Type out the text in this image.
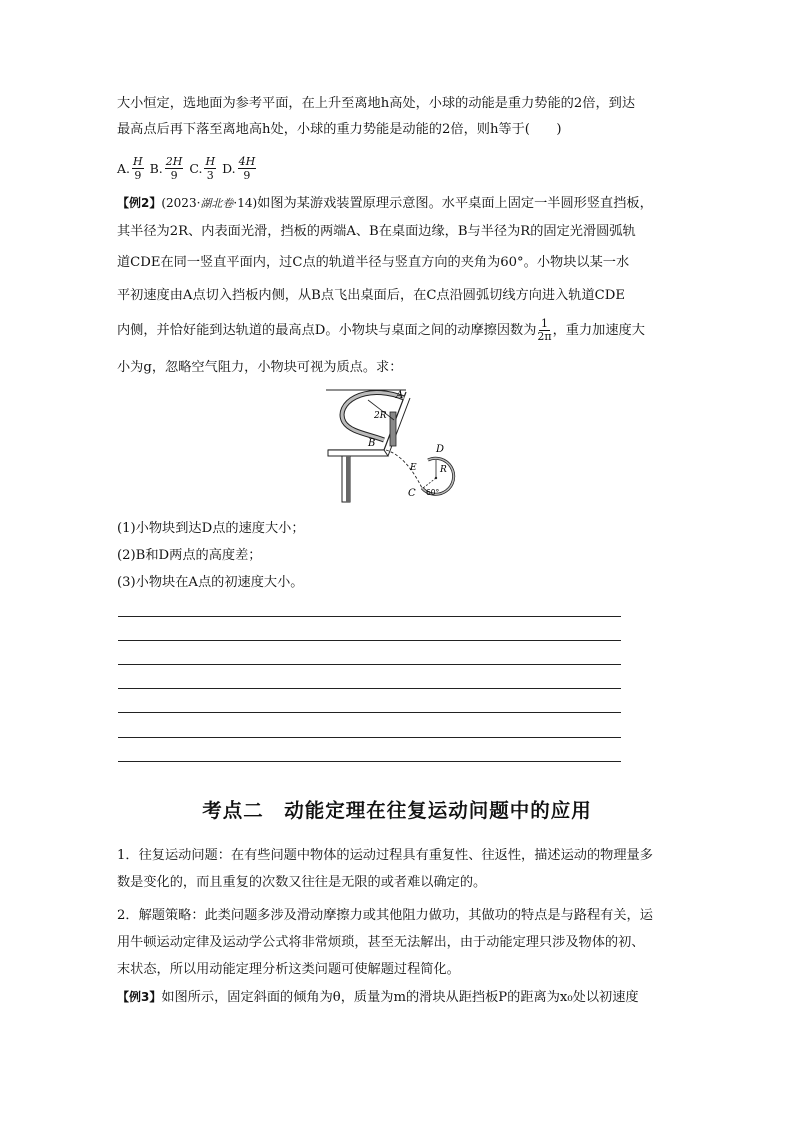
大小恒定，选地面为参考平面，在上升至离地h高处，小球的动能是重力势能的2倍，到达
最高点后再下落至离地高h处，小球的重力势能是动能的2倍，则h等于(　　)
A. $\frac{H}{9} B$. $\frac{2H}{9} C$. $\frac{H}{3} D$. $\frac{4H}{9}$
【例2】(2023·湖北卷·14)如图为某游戏装置原理示意图。水平桌面上固定一半圆形竖直挡板，
其半径为2R、内表面光滑，挡板的两端A、B在桌面边缘，B与半径为R的固定光滑圆弧轨
道CDE在同一竖直平面内，过C点的轨道半径与竖直方向的夹角为60°。小物块以某一水
平初速度由A点切入挡板内侧，从B点飞出桌面后，在C点沿圆弧切线方向进入轨道CDE
内侧，并恰好能到达轨道的最高点D。小物块与桌面之间的动摩擦因数为 $\frac{1}{2\pi}$ ，重力加速度大
小为g，忽略空气阻力，小物块可视为质点。求：
2R
A
B
R
D
E
C 60°
(1)小物块到达D点的速度大小；
(2)B和D两点的高度差；
(3)小物块在A点的初速度大小。
考点二　动能定理在往复运动问题中的应用
1．往复运动问题：在有些问题中物体的运动过程具有重复性、往返性，描述运动的物理量多
数是变化的，而且重复的次数又往往是无限的或者难以确定的。
2．解题策略：此类问题多涉及滑动摩擦力或其他阻力做功，其做功的特点是与路程有关，运
用牛顿运动定律及运动学公式将非常烦琐，甚至无法解出，由于动能定理只涉及物体的初、
末状态，所以用动能定理分析这类问题可使解题过程简化。
【例3】如图所示，固定斜面的倾角为θ，质量为m的滑块从距挡板P的距离为x₀处以初速度
